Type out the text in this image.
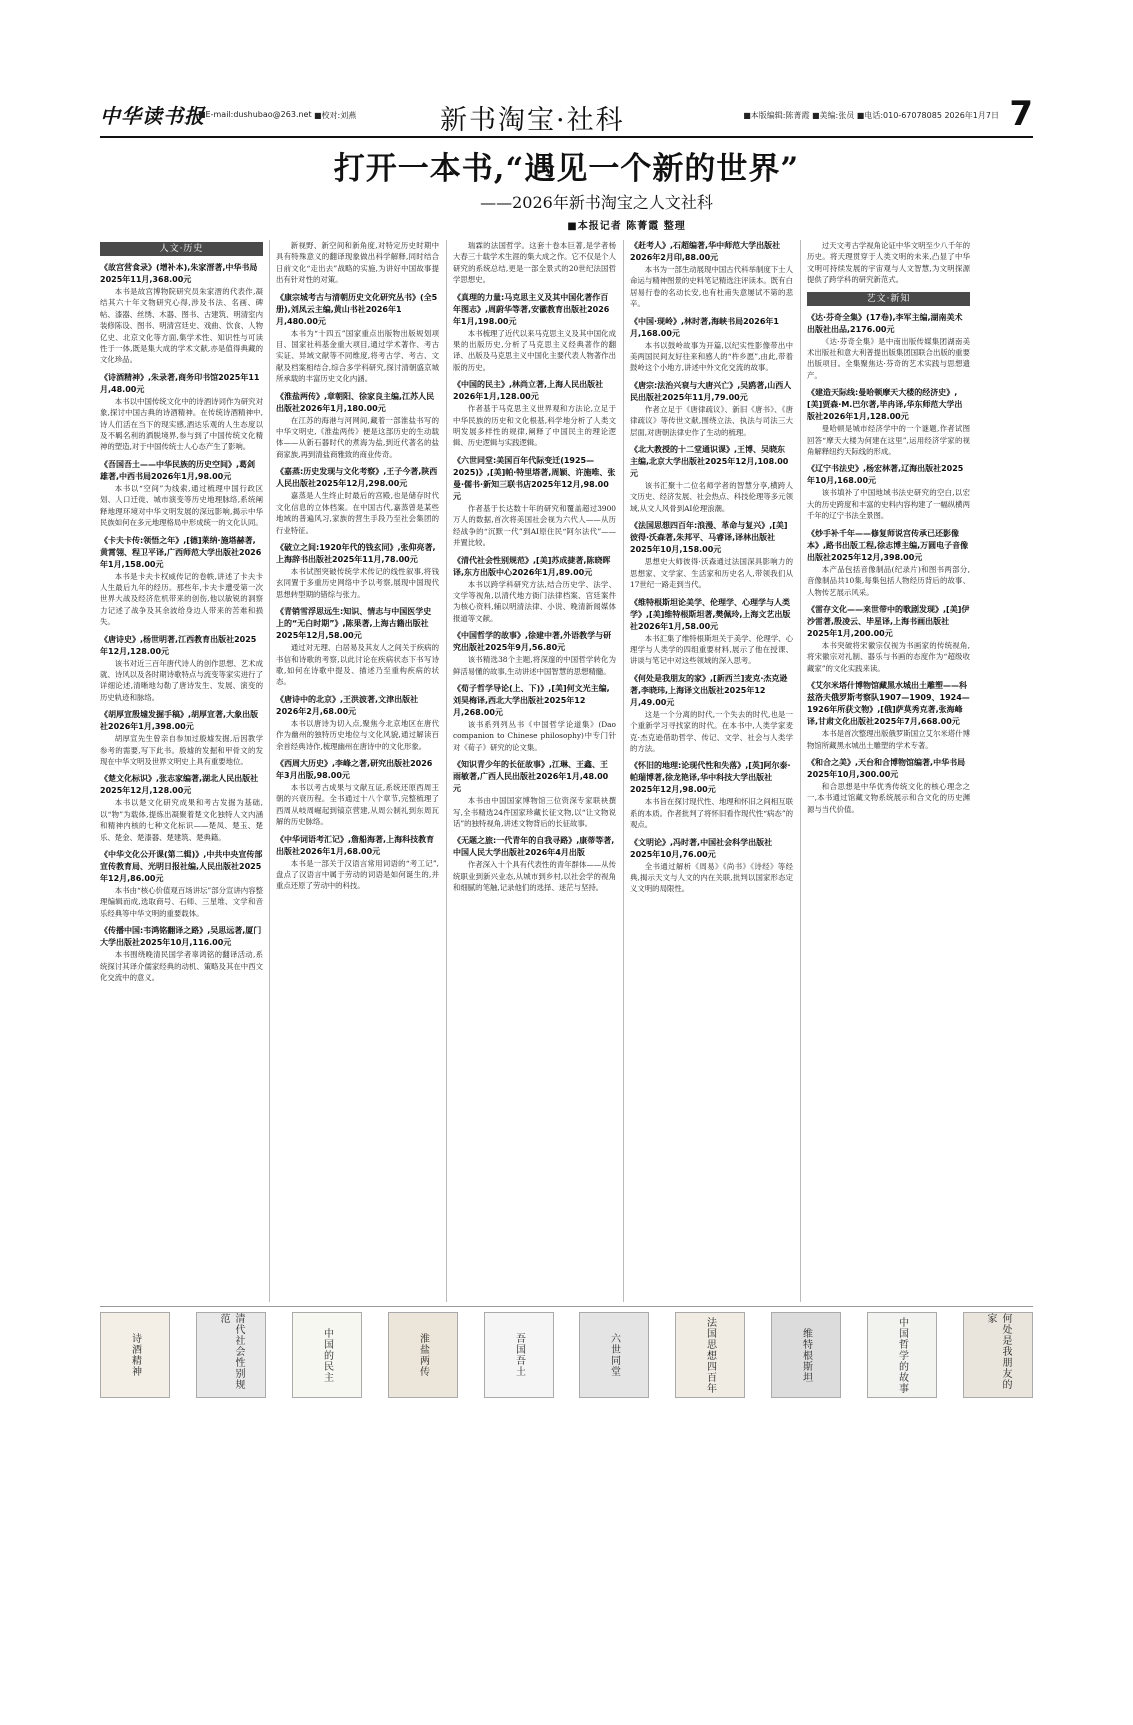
中华读书报
■E-mail:dushubao@263.net ■校对:刘燕	新书淘宝·社科	■本版编辑:陈菁霞 ■美编:张员 ■电话:010-67078085 2026年1月7日 7
打开一本书,“遇见一个新的世界”
——2026年新书淘宝之人文社科
■本报记者 陈菁霞 整理
人文·历史
《故宫营食录》(增补本),朱家溍著,中华书局2025年11月,368.00元
本书是故宫博物院研究员朱家溍的代表作,凝结其六十年文物研究心得,涉及书法、名画、碑帖、漆器、丝绣、木器、图书、古建筑、明清室内装修陈设、图书、明清宫廷史、戏曲、饮食、人物亿史、北京文化等方面,集学术性、知识性与可读性于一体,既是集大成的学术文献,亦是值得典藏的文化珍品。
《诗酒精神》,朱录著,商务印书馆2025年11月,48.00元
本书以中国传统文化中的诗酒诗词作为研究对象,探讨中国古典的诗酒精神。在传统诗酒精神中,诗人们活在当下的现实感,酒达乐观的人生态度以及不羁名利的洒脱境界,参与到了中国传统文化精神的塑造,对于中国传统士人心态产生了影响。
《吾国吾土——中华民族的历史空间》,葛剑雄著,中西书局2026年1月,98.00元
本书以“空间”为线索,通过梳理中国行政区划、人口迁徙、城市演变等历史地理脉络,系统阐释地理环境对中华文明发展的深远影响,揭示中华民族如何在多元地理格局中形成统一的文化认同。
《卡夫卡传:领悟之年》,[德]莱纳·施塔赫著,黄霄翎、程卫平译,广西师范大学出版社2026年1月,158.00元
本书是卡夫卡权威传记的卷帙,讲述了卡夫卡人生最后九年的经历。那些年,卡夫卡遭受第一次世界大战及经济危机带来的创伤,他以敏锐的洞察力记述了战争及其余波给身边人带来的苦难和损失。
《唐诗史》,杨世明著,江西教育出版社2025年12月,128.00元
该书对近三百年唐代诗人的创作思想、艺术成就、诗风以及各时期诗歌特点与流变等家实进行了详细论述,清晰地勾勒了唐诗发生、发展、演变的历史轨迹和脉络。
《胡厚宣殷墟发掘手稿》,胡厚宣著,大象出版社2026年1月,398.00元
胡厚宣先生曾亲自参加过殷墟发掘,后因教学参考的需要,写下此书。殷墟的发掘和甲骨文的发现在中华文明及世界文明史上具有重要地位。
《楚文化标识》,张志家编著,湖北人民出版社2025年12月,128.00元
本书以楚文化研究成果和考古发掘为基础,以“物”为载体,提炼出凝聚着楚文化独特人文内涵和精神内核的七种文化标识——楚凤、楚玉、楚乐、楚金、楚漆器、楚建筑、楚典籍。
《中华文化公开课(第二辑)》,中共中央宣传部宣传教育局、光明日报社编,人民出版社2025年12月,86.00元
本书由“核心价值观百场讲坛”部分宣讲内容整理编辑而成,选取商号、石师、三星堆、文学和音乐经典等中华文明的重要载体。
《传播中国:韦鸿铭翻译之路》,吴思远著,厦门大学出版社2025年10月,116.00元
本书围绕晚清民国学者辜鸿铭的翻译活动,系统探讨其译介儒家经典的动机、策略及其在中西文化交流中的意义。
新视野、新空间和新角度,对特定历史时期中具有特殊意义的翻译现象做出科学解释,同时结合日前文化“走出去”战略的实施,为讲好中国故事提出有针对性的对策。
《康宗城考古与清朝历史文化研究丛书》(全5册),刘凤云主编,黄山书社2026年1月,480.00元
本书为“十四五”国家重点出版物出版规划项目、国家社科基金重大项目,通过学术著作、考古实证、异域文献等不同维度,将考古学、考古、文献及档案相结合,综合多学科研究,探讨清朝盛京城所承载的丰富历史文化内涵。
《淮盐两传》,章朝阳、徐家良主编,江苏人民出版社2026年1月,180.00元
在江苏的海港与河网间,藏着一部淮盐书写的中华文明史,《淮盐两传》便是这部历史的生动载体——从新石器时代的煮海为盐,到近代著名的盐商家族,再到清盐商雅致的商业传奇。
《嘉蒸:历史发现与文化考察》,王子今著,陕西人民出版社2025年12月,298.00元
嘉蒸是人生终止时最后的宫殿,也是储存时代文化信息的立体档案。在中国古代,嘉蒸曾是某些地域的普遍风习,家族的营生手段乃至社会集团的行业特征。
《破立之间:1920年代的钱玄同》,张仰亮著,上海辞书出版社2025年11月,78.00元
本书试图突破传统学术传记的线性叙事,将钱玄同置于多重历史网络中予以考察,展现中国现代思想转型期的错综与张力。
《青销雪浮思远生:知识、情志与中国医学史上的“无白时期”》,陈果著,上海古籍出版社2025年12月,58.00元
通过对无理、白居易及其友人之间关于疾病的书信和诗歌的考察,以此讨论在疾病状态下书写诗歌,如何在诗歌中提及、描述乃至重构疾病的状态。
《唐诗中的北京》,王洪波著,文津出版社2026年2月,68.00元
本书以唐诗为切入点,聚焦今北京地区在唐代作为幽州的独特历史地位与文化风貌,通过解读百余首经典诗作,梳理幽州在唐诗中的文化形象。
《西周大历史》,李峰之著,研究出版社2026年3月出版,98.00元
本书以考古成果与文献互证,系统还原西周王朝的兴衰历程。全书通过十八个章节,完整梳理了西周从岐周崛起到镐京营建,从周公制礼到东周瓦解的历史脉络。
《中华词语考汇记》,詹船海著,上海科技教育出版社2026年1月,68.00元
本书是一部关于汉语言常用词语的“考工记”,盘点了汉语言中属于劳动的词语是如何诞生的,并重点还原了劳动中的科技。
瑞霖的法国哲学。这套十卷本巨著,是学者杨大春三十载学术生涯的集大成之作。它不仅是个人研究的系统总结,更是一部全景式的20世纪法国哲学思想史。
《真理的力量:马克思主义及其中国化著作百年图志》,周蔚华等著,安徽教育出版社2026年1月,198.00元
本书梳理了近代以来马克思主义及其中国化成果的出版历史,分析了马克思主义经典著作的翻译、出版及马克思主义中国化主要代表人物著作出版的历史。
《中国的民主》,林尚立著,上海人民出版社2026年1月,128.00元
作者基于马克思主义世界观和方法论,立足于中华民族的历史和文化根基,科学地分析了人类文明发展多样性的规律,阐释了中国民主的理论逻辑、历史逻辑与实践逻辑。
《六世同堂:美国百年代际变迁(1925—2025)》,[美]帕·特里塔著,周颖、许施唯、张曼·儒书·新知三联书店2025年12月,98.00元
作者基于长达数十年的研究和覆盖超过3900万人的数据,首次将美国社会视为六代人——从历经战争的“沉默一代”到AI原住民“阿尔法代”——并置比较。
《清代社会性别规范》,[美]苏成捷著,陈晓晖译,东方出版中心2026年1月,89.00元
本书以跨学科研究方法,结合历史学、法学、文学等视角,以清代地方衙门法律档案、宫廷案件为核心资料,辅以明清法律、小说、晚清新闻媒体报道等文献。
《中国哲学的故事》,徐建中著,外语教学与研究出版社2025年9月,56.80元
该书精选38个主题,将深邃的中国哲学转化为鲜活易懂的故事,生动讲述中国智慧的思想精髓。
《荀子哲学导论(上、下)》,[美]何文光主编,刘昊梅译,西北大学出版社2025年12月,268.00元
该书系列列丛书《中国哲学论道集》(Dao companion to Chinese philosophy)中专门针对《荀子》研究的论文集。
《知识青少年的长征故事》,江琳、王鑫、王雨敏著,广西人民出版社2026年1月,48.00元
本书由中国国家博物馆三位资深专家联袂撰写,全书精选24件国家珍藏长征文物,以“让文物说话”的独特视角,讲述文物背后的长征故事。
《无题之旅:一代青年的自我寻路》,康蒂等著,中国人民大学出版社2026年4月出版
作者深入十个具有代表性的青年群体——从传统职业到新兴业态,从城市到乡村,以社会学的视角和细腻的笔触,记录他们的选择、迷茫与坚持。
《赶考人》,石超编著,华中师范大学出版社2026年2月印,88.00元
本书为一部生动展现中国古代科举制度下士人命运与精神图景的史料笔记精选注评读本。既有白居易行卷的名动长安,也有杜甫失意屡试不第的悲辛。
《中国·现岭》,林时著,海峡书局2026年1月,168.00元
本书以鼓岭故事为开篇,以纪实性影像带出中美两国民间友好往来和感人的“杵乡愿”,由此,带着鼓岭这个小地方,讲述中外文化交流的故事。
《唐宗:法治兴衰与大唐兴亡》,吴鸥著,山西人民出版社2025年11月,79.00元
作者立足于《唐律疏议》、新旧《唐书》、《唐律疏议》等传世文献,围绕立法、执法与司法三大层面,对唐朝法律史作了生动的梳理。
《北大教授的十二堂通识课》,王博、吴晓东主编,北京大学出版社2025年12月,108.00元
该书汇聚十二位名师学者的智慧分享,横跨人文历史、经济发展、社会热点、科技伦理等多元领域,从文人风骨到AI伦理浪潮。
《法国思想四百年:浪漫、革命与复兴》,[美]彼得·沃森著,朱邦平、马睿译,译林出版社2025年10月,158.00元
思想史大师彼得·沃森通过法国深具影响力的思想家、文学家、生活家和历史名人,带领我们从17世纪一路走到当代。
《维特根斯坦论美学、伦理学、心理学与人类学》,[美]维特根斯坦著,樊佩玲,上海文艺出版社2026年1月,58.00元
本书汇集了维特根斯坦关于美学、伦理学、心理学与人类学的四组重要材料,展示了他在授课、讲谈与笔记中对这些领域的深入思考。
《何处是我朋友的家》,[新西兰]麦克·杰克逊著,李晓玮,上海译文出版社2025年12月,49.00元
这是一个分离的时代,一个失去的时代,也是一个重新学习寻找家的时代。在本书中,人类学家麦克·杰克逊借助哲学、传记、文学、社会与人类学的方法。
《怀旧的地理:论现代性和失落》,[英]阿尔泰·帕瑞博著,徐龙艳译,华中科技大学出版社2025年12月,98.00元
本书旨在探讨现代性、地理和怀旧之间相互联系的本质。作者批判了将怀旧看作现代性“病态”的观点。
《文明论》,冯时著,中国社会科学出版社2025年10月,76.00元
全书通过解析《周易》《尚书》《诗经》等经典,揭示天文与人文的内在关联,批判以国家形态定义文明的局限性。
过天文考古学视角论证中华文明至少八千年的历史。将天理贯穿于人类文明的未来,凸显了中华文明可持续发展的宇宙观与人文智慧,为文明探源提供了跨学科的研究新范式。
艺文·新知
《达·芬奇全集》(17卷),李军主编,湖南美术出版社出品,2176.00元
《达·芬奇全集》是中南出版传媒集团湖南美术出版社和意大利普提出版集团国联合出版的重要出版项目。全集聚焦达·芬奇的艺术实践与思想遗产。
《建造天际线:曼哈顿摩天大楼的经济史》,[美]贾森·M.巴尔著,毕冉译,华东师范大学出版社2026年1月,128.00元
曼哈顿是城市经济学中的一个谜题,作者试图回答“摩天大楼为何建在这里”,运用经济学家的视角解释纽约天际线的形成。
《辽宁书法史》,杨宏林著,辽海出版社2025年10月,168.00元
该书填补了中国地域书法史研究的空白,以宏大的历史跨度和丰富的史料内容构建了一幅纵横两千年的辽宁书法全景图。
《炒手补千年——修复师说宫传承已还影像本》,路书出版工程,徐志博主编,万圆电子音像出版社2025年12月,398.00元
本产品包括音像制品(纪录片)和图书两部分,音像制品共10集,每集包括人物经历背后的故事、人物传艺展示风采。
《雷存文化——来世带中的歌剧发现》,[美]伊沙雷著,殷凌云、毕星译,上海书画出版社2025年1月,200.00元
本书突破将宋徽宗仅视为书画家的传统视角,将宋徽宗对礼制、器乐与书画的态度作为“超级收藏家”的文化实践来读。
《艾尔米塔什博物馆藏黑水城出土雕塑——科兹洛夫俄罗斯考察队1907—1909、1924—1926年所获文物》,[俄]萨莫秀克著,张海峰译,甘肃文化出版社2025年7月,668.00元
本书是首次整理出版俄罗斯国立艾尔米塔什博物馆所藏黑水城出土雕塑的学术专著。
《和合之美》,天台和合博物馆编著,中华书局2025年10月,300.00元
和合思想是中华优秀传统文化的核心理念之一,本书通过馆藏文物系统展示和合文化的历史渊源与当代价值。
诗酒精神	清代社会性别规范
中国的民主	淮盐两传	吾国吾土	六世同堂	法国思想四百年	维特根斯坦	中国哲学的故事	何处是我朋友的家
